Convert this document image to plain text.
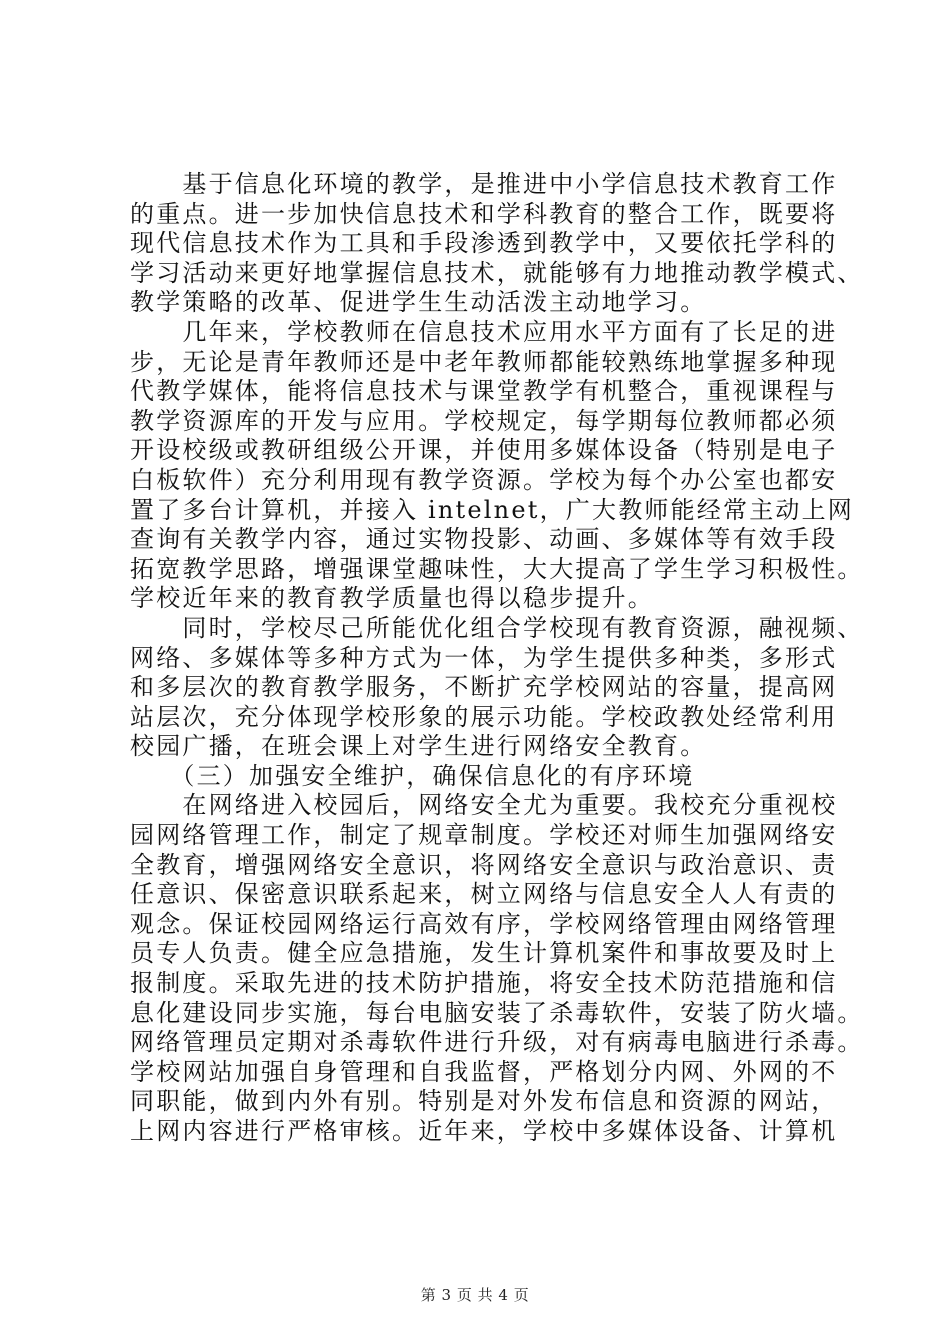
　　基于信息化环境的教学，是推进中小学信息技术教育工作
的重点。进一步加快信息技术和学科教育的整合工作，既要将
现代信息技术作为工具和手段渗透到教学中，又要依托学科的
学习活动来更好地掌握信息技术，就能够有力地推动教学模式、
教学策略的改革、促进学生生动活泼主动地学习。
　　几年来，学校教师在信息技术应用水平方面有了长足的进
步，无论是青年教师还是中老年教师都能较熟练地掌握多种现
代教学媒体，能将信息技术与课堂教学有机整合，重视课程与
教学资源库的开发与应用。学校规定，每学期每位教师都必须
开设校级或教研组级公开课，并使用多媒体设备（特别是电子
白板软件）充分利用现有教学资源。学校为每个办公室也都安
置了多台计算机，并接入 intelnet，广大教师能经常主动上网
查询有关教学内容，通过实物投影、动画、多媒体等有效手段
拓宽教学思路，增强课堂趣味性，大大提高了学生学习积极性。
学校近年来的教育教学质量也得以稳步提升。
　　同时，学校尽己所能优化组合学校现有教育资源，融视频、
网络、多媒体等多种方式为一体，为学生提供多种类，多形式
和多层次的教育教学服务，不断扩充学校网站的容量，提高网
站层次，充分体现学校形象的展示功能。学校政教处经常利用
校园广播，在班会课上对学生进行网络安全教育。
　　（三）加强安全维护，确保信息化的有序环境
　　在网络进入校园后，网络安全尤为重要。我校充分重视校
园网络管理工作，制定了规章制度。学校还对师生加强网络安
全教育，增强网络安全意识，将网络安全意识与政治意识、责
任意识、保密意识联系起来，树立网络与信息安全人人有责的
观念。保证校园网络运行高效有序，学校网络管理由网络管理
员专人负责。健全应急措施，发生计算机案件和事故要及时上
报制度。采取先进的技术防护措施，将安全技术防范措施和信
息化建设同步实施，每台电脑安装了杀毒软件，安装了防火墙。
网络管理员定期对杀毒软件进行升级，对有病毒电脑进行杀毒。
学校网站加强自身管理和自我监督，严格划分内网、外网的不
同职能，做到内外有别。特别是对外发布信息和资源的网站，
上网内容进行严格审核。近年来，学校中多媒体设备、计算机
第 3 页 共 4 页
